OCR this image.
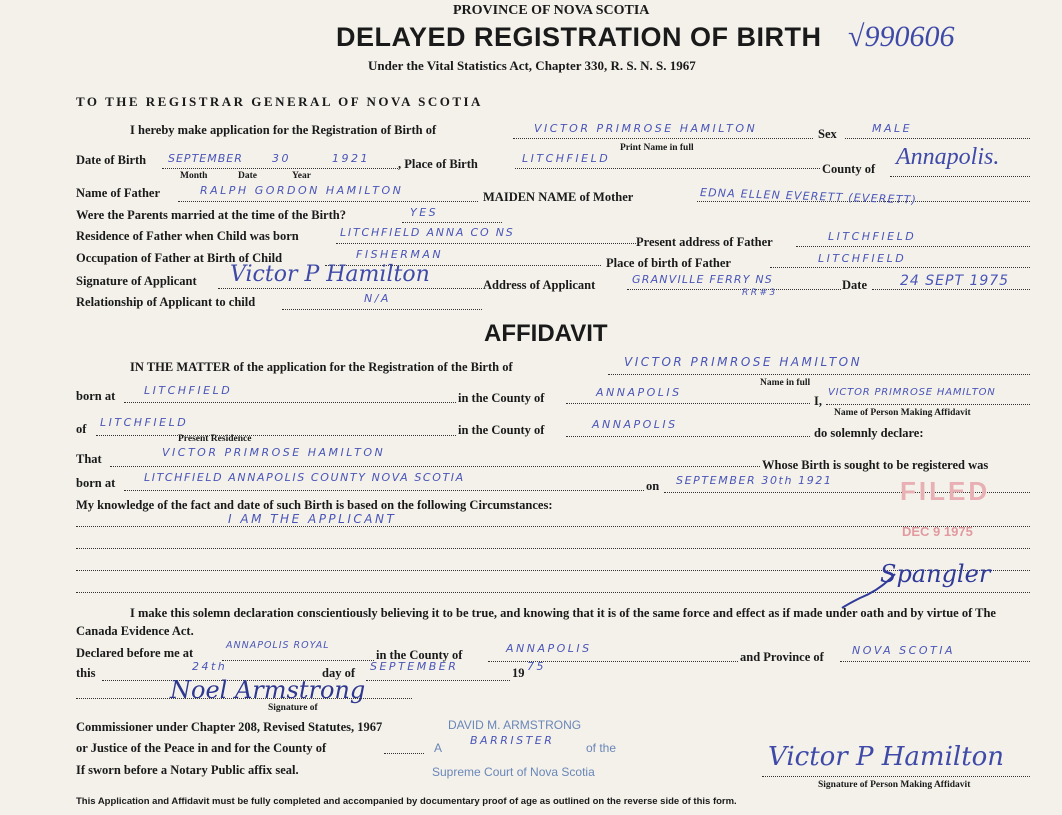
PROVINCE OF NOVA SCOTIA
DELAYED REGISTRATION OF BIRTH √990606
Under the Vital Statistics Act, Chapter 330, R. S. N. S. 1967
TO THE REGISTRAR GENERAL OF NOVA SCOTIA
I hereby make application for the Registration of Birth of	VICTOR PRIMROSE HAMILTON	Sex	MALE
Print Name in full
Date of Birth SEPTEMBER	30	1921 , Place of Birth	LITCHFIELD
Month	Date	Year	County of Annapolis.
Name of Father	RALPH GORDON HAMILTON	MAIDEN NAME of Mother	EDNA ELLEN EVERETT (EVERETT)
Were the Parents married at the time of the Birth?	YES
Residence of Father when Child was born	LITCHFIELD ANNA CO NS
Present address of Father	LITCHFIELD
Occupation of Father at Birth of Child	FISHERMAN
Place of birth of Father	LITCHFIELD
Signature of Applicant Victor P Hamilton	Address of Applicant	GRANVILLE FERRY NS
RR#3
Date 24 SEPT 1975
Relationship of Applicant to child	N/A
AFFIDAVIT
IN THE MATTER of the application for the Registration of the Birth of	VICTOR PRIMROSE HAMILTON
Name in full
born at	LITCHFIELD
in the County of	ANNAPOLIS
I,
VICTOR PRIMROSE HAMILTON
Name of Person Making Affidavit
of LITCHFIELD
Present Residence
in the County of	ANNAPOLIS
do solemnly declare:
That	VICTOR PRIMROSE HAMILTON
Whose Birth is sought to be registered was
born at	LITCHFIELD ANNAPOLIS COUNTY NOVA SCOTIA
on SEPTEMBER 30th 1921
My knowledge of the fact and date of such Birth is based on the following Circumstances:
I AM THE APPLICANT
FILED
DEC 9 1975
Spangler
I make this solemn declaration conscientiously believing it to be true, and knowing that it is of the same force and effect as if made under oath and by virtue of The Canada Evidence Act.
Declared before me at
ANNAPOLIS ROYAL
in the County of	ANNAPOLIS
and Province of	NOVA SCOTIA
this	24th	day of SEPTEMBER	19 75
Noel Armstrong
Signature of
Commissioner under Chapter 208, Revised Statutes, 1967
or Justice of the Peace in and for the County of
If sworn before a Notary Public affix seal.
DAVID M. ARMSTRONG
A
BARRISTER
of the
Supreme Court of Nova Scotia	Victor P Hamilton
Signature of Person Making Affidavit
This Application and Affidavit must be fully completed and accompanied by documentary proof of age as outlined on the reverse side of this form.
